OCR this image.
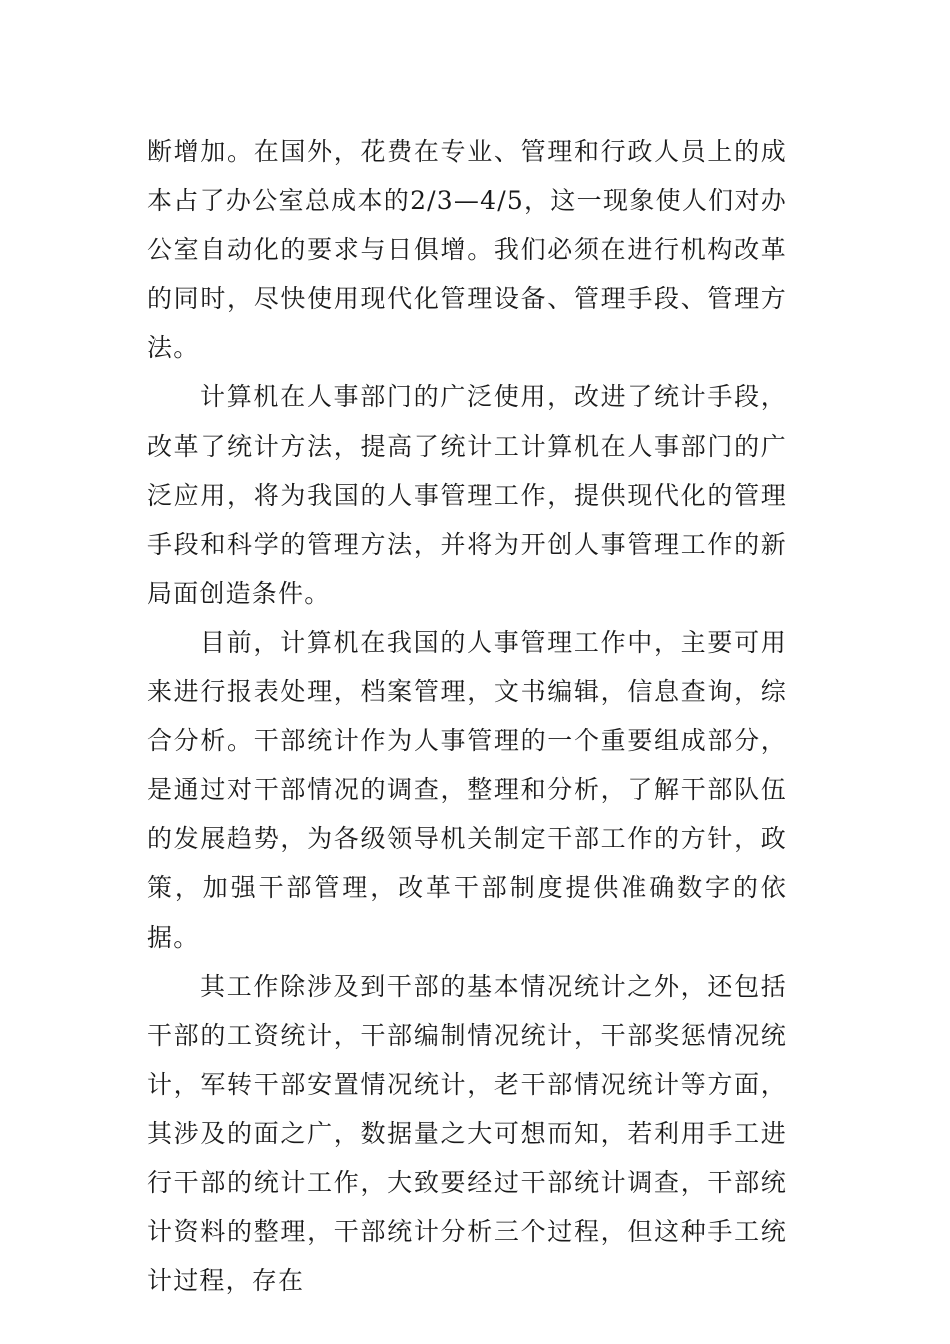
断增加。在国外，花费在专业、管理和行政人员上的成本占了办公室总成本的2/3—4/5，这一现象使人们对办公室自动化的要求与日俱增。我们必须在进行机构改革的同时，尽快使用现代化管理设备、管理手段、管理方法。

计算机在人事部门的广泛使用，改进了统计手段，改革了统计方法，提高了统计工计算机在人事部门的广泛应用，将为我国的人事管理工作，提供现代化的管理手段和科学的管理方法，并将为开创人事管理工作的新局面创造条件。

目前，计算机在我国的人事管理工作中，主要可用来进行报表处理，档案管理，文书编辑，信息查询，综合分析。干部统计作为人事管理的一个重要组成部分，是通过对干部情况的调查，整理和分析，了解干部队伍的发展趋势，为各级领导机关制定干部工作的方针，政策，加强干部管理，改革干部制度提供准确数字的依据。

其工作除涉及到干部的基本情况统计之外，还包括干部的工资统计，干部编制情况统计，干部奖惩情况统计，军转干部安置情况统计，老干部情况统计等方面，其涉及的面之广，数据量之大可想而知，若利用手工进行干部的统计工作，大致要经过干部统计调查，干部统计资料的整理，干部统计分析三个过程，但这种手工统计过程，存在
